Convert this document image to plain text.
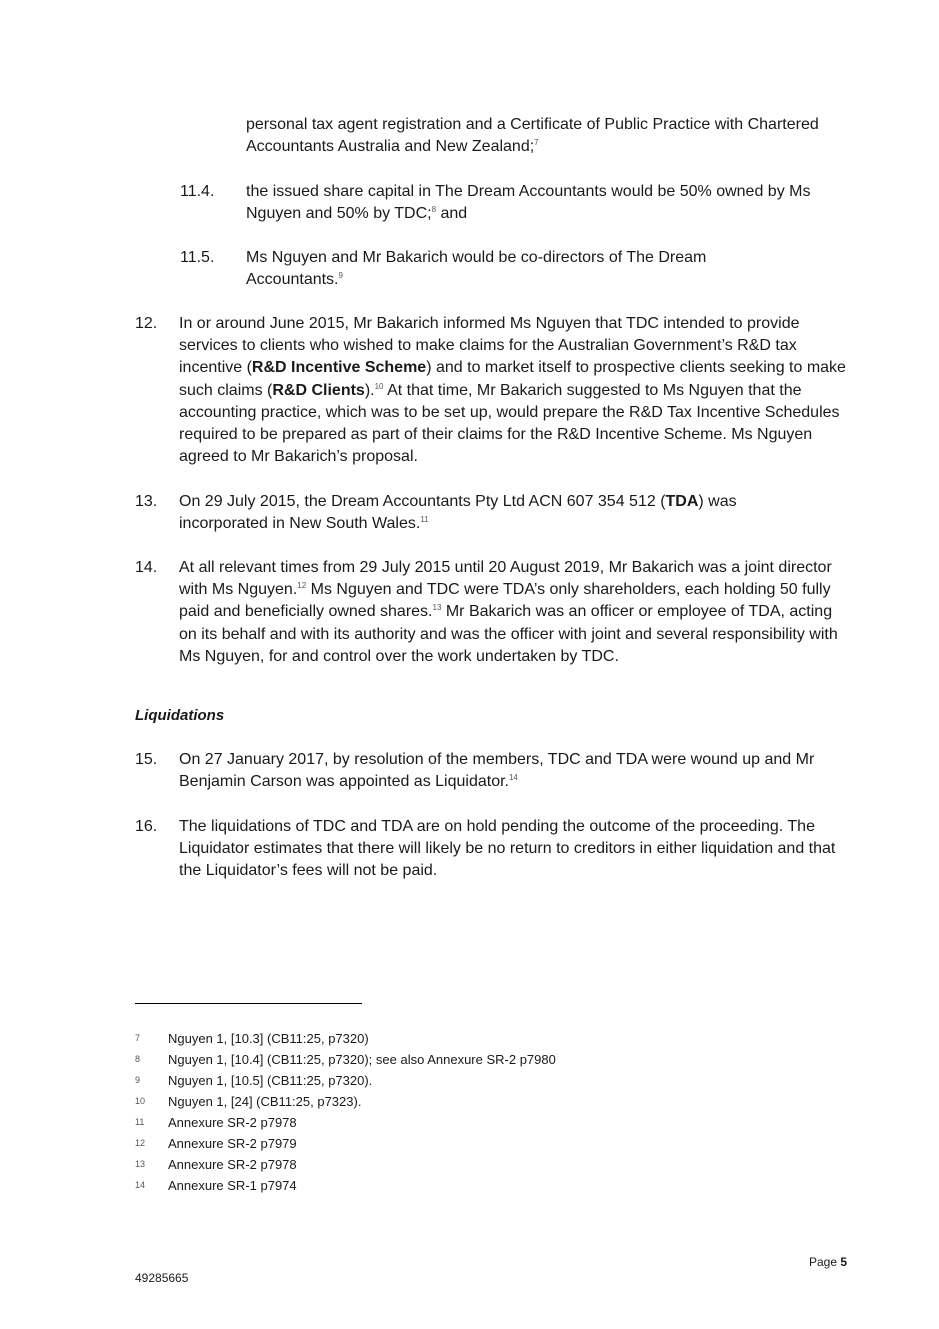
personal tax agent registration and a Certificate of Public Practice with Chartered Accountants Australia and New Zealand;$^7$
11.4. the issued share capital in The Dream Accountants would be 50% owned by Ms Nguyen and 50% by TDC;$^8$ and
11.5. Ms Nguyen and Mr Bakarich would be co-directors of The Dream Accountants.$^9$
12. In or around June 2015, Mr Bakarich informed Ms Nguyen that TDC intended to provide services to clients who wished to make claims for the Australian Government’s R&D tax incentive (R&D Incentive Scheme) and to market itself to prospective clients seeking to make such claims (R&D Clients).$^{10}$ At that time, Mr Bakarich suggested to Ms Nguyen that the accounting practice, which was to be set up, would prepare the R&D Tax Incentive Schedules required to be prepared as part of their claims for the R&D Incentive Scheme. Ms Nguyen agreed to Mr Bakarich’s proposal.
13. On 29 July 2015, the Dream Accountants Pty Ltd ACN 607 354 512 (TDA) was incorporated in New South Wales.$^{11}$
14. At all relevant times from 29 July 2015 until 20 August 2019, Mr Bakarich was a joint director with Ms Nguyen.$^{12}$ Ms Nguyen and TDC were TDA’s only shareholders, each holding 50 fully paid and beneficially owned shares.$^{13}$ Mr Bakarich was an officer or employee of TDA, acting on its behalf and with its authority and was the officer with joint and several responsibility with Ms Nguyen, for and control over the work undertaken by TDC.
Liquidations
15. On 27 January 2017, by resolution of the members, TDC and TDA were wound up and Mr Benjamin Carson was appointed as Liquidator.$^{14}$
16. The liquidations of TDC and TDA are on hold pending the outcome of the proceeding. The Liquidator estimates that there will likely be no return to creditors in either liquidation and that the Liquidator’s fees will not be paid.
7 Nguyen 1, [10.3] (CB11:25, p7320)
8 Nguyen 1, [10.4] (CB11:25, p7320); see also Annexure SR-2 p7980
9 Nguyen 1, [10.5] (CB11:25, p7320).
10 Nguyen 1, [24] (CB11:25, p7323).
11 Annexure SR-2 p7978
12 Annexure SR-2 p7979
13 Annexure SR-2 p7978
14 Annexure SR-1 p7974
Page 5
49285665
